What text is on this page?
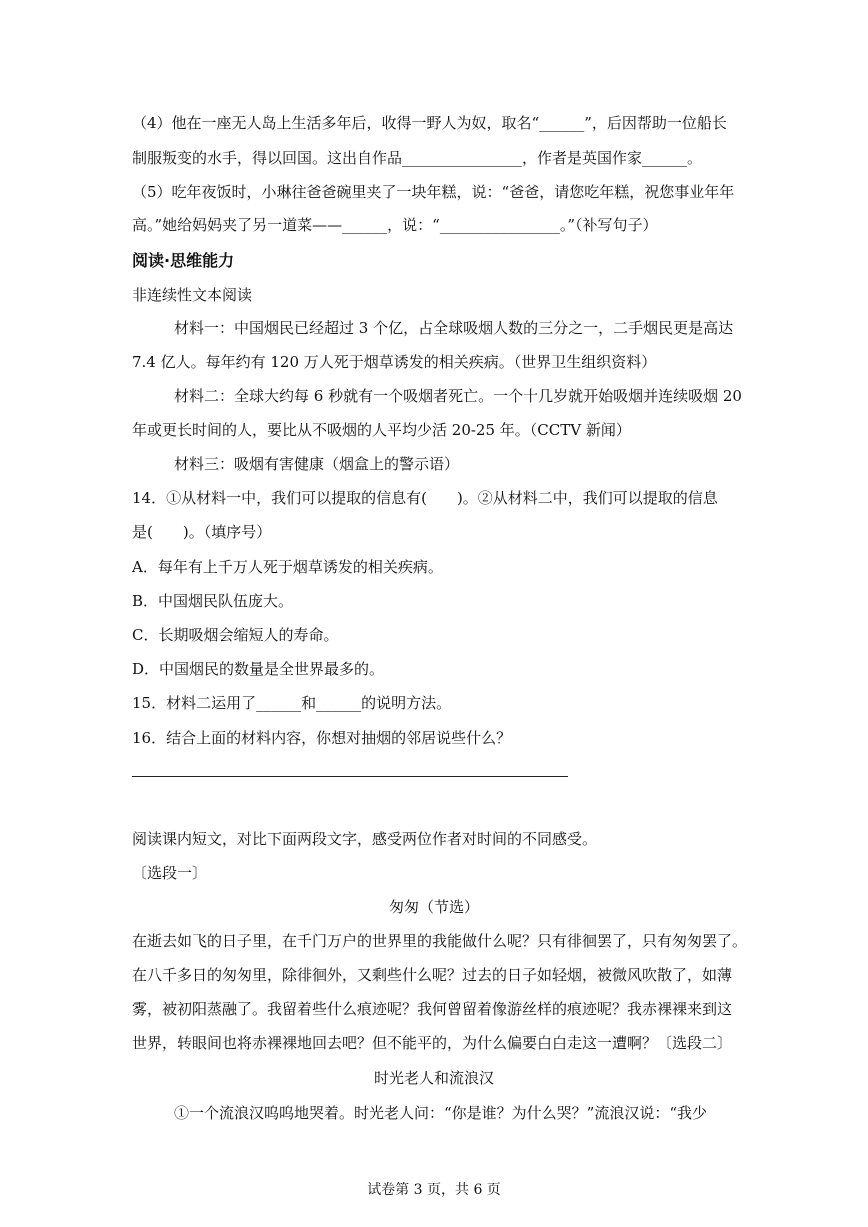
（4）他在一座无人岛上生活多年后，收得一野人为奴，取名“______”，后因帮助一位船长
制服叛变的水手，得以回国。这出自作品________________，作者是英国作家______。
（5）吃年夜饭时，小琳往爸爸碗里夹了一块年糕，说：“爸爸，请您吃年糕，祝您事业年年
高。”她给妈妈夹了另一道菜——______，说：“________________。”（补写句子）
阅读·思维能力
非连续性文本阅读
材料一：中国烟民已经超过 3 个亿，占全球吸烟人数的三分之一，二手烟民更是高达
7.4 亿人。每年约有 120 万人死于烟草诱发的相关疾病。（世界卫生组织资料）
材料二：全球大约每 6 秒就有一个吸烟者死亡。一个十几岁就开始吸烟并连续吸烟 20
年或更长时间的人，要比从不吸烟的人平均少活 20-25 年。（CCTV 新闻）
材料三：吸烟有害健康（烟盒上的警示语）
14．①从材料一中，我们可以提取的信息有(　　)。②从材料二中，我们可以提取的信息
是(　　)。（填序号）
A．每年有上千万人死于烟草诱发的相关疾病。
B．中国烟民队伍庞大。
C．长期吸烟会缩短人的寿命。
D．中国烟民的数量是全世界最多的。
15．材料二运用了______和______的说明方法。
16．结合上面的材料内容，你想对抽烟的邻居说些什么？
阅读课内短文，对比下面两段文字，感受两位作者对时间的不同感受。
〔选段一〕
匆匆（节选）
在逝去如飞的日子里，在千门万户的世界里的我能做什么呢？只有徘徊罢了，只有匆匆罢了。
在八千多日的匆匆里，除徘徊外，又剩些什么呢？过去的日子如轻烟，被微风吹散了，如薄
雾，被初阳蒸融了。我留着些什么痕迹呢？我何曾留着像游丝样的痕迹呢？我赤裸裸来到这
世界，转眼间也将赤裸裸地回去吧？但不能平的，为什么偏要白白走这一遭啊？〔选段二〕
时光老人和流浪汉
①一个流浪汉呜呜地哭着。时光老人问：“你是谁？为什么哭？”流浪汉说：“我少
试卷第 3 页，共 6 页
